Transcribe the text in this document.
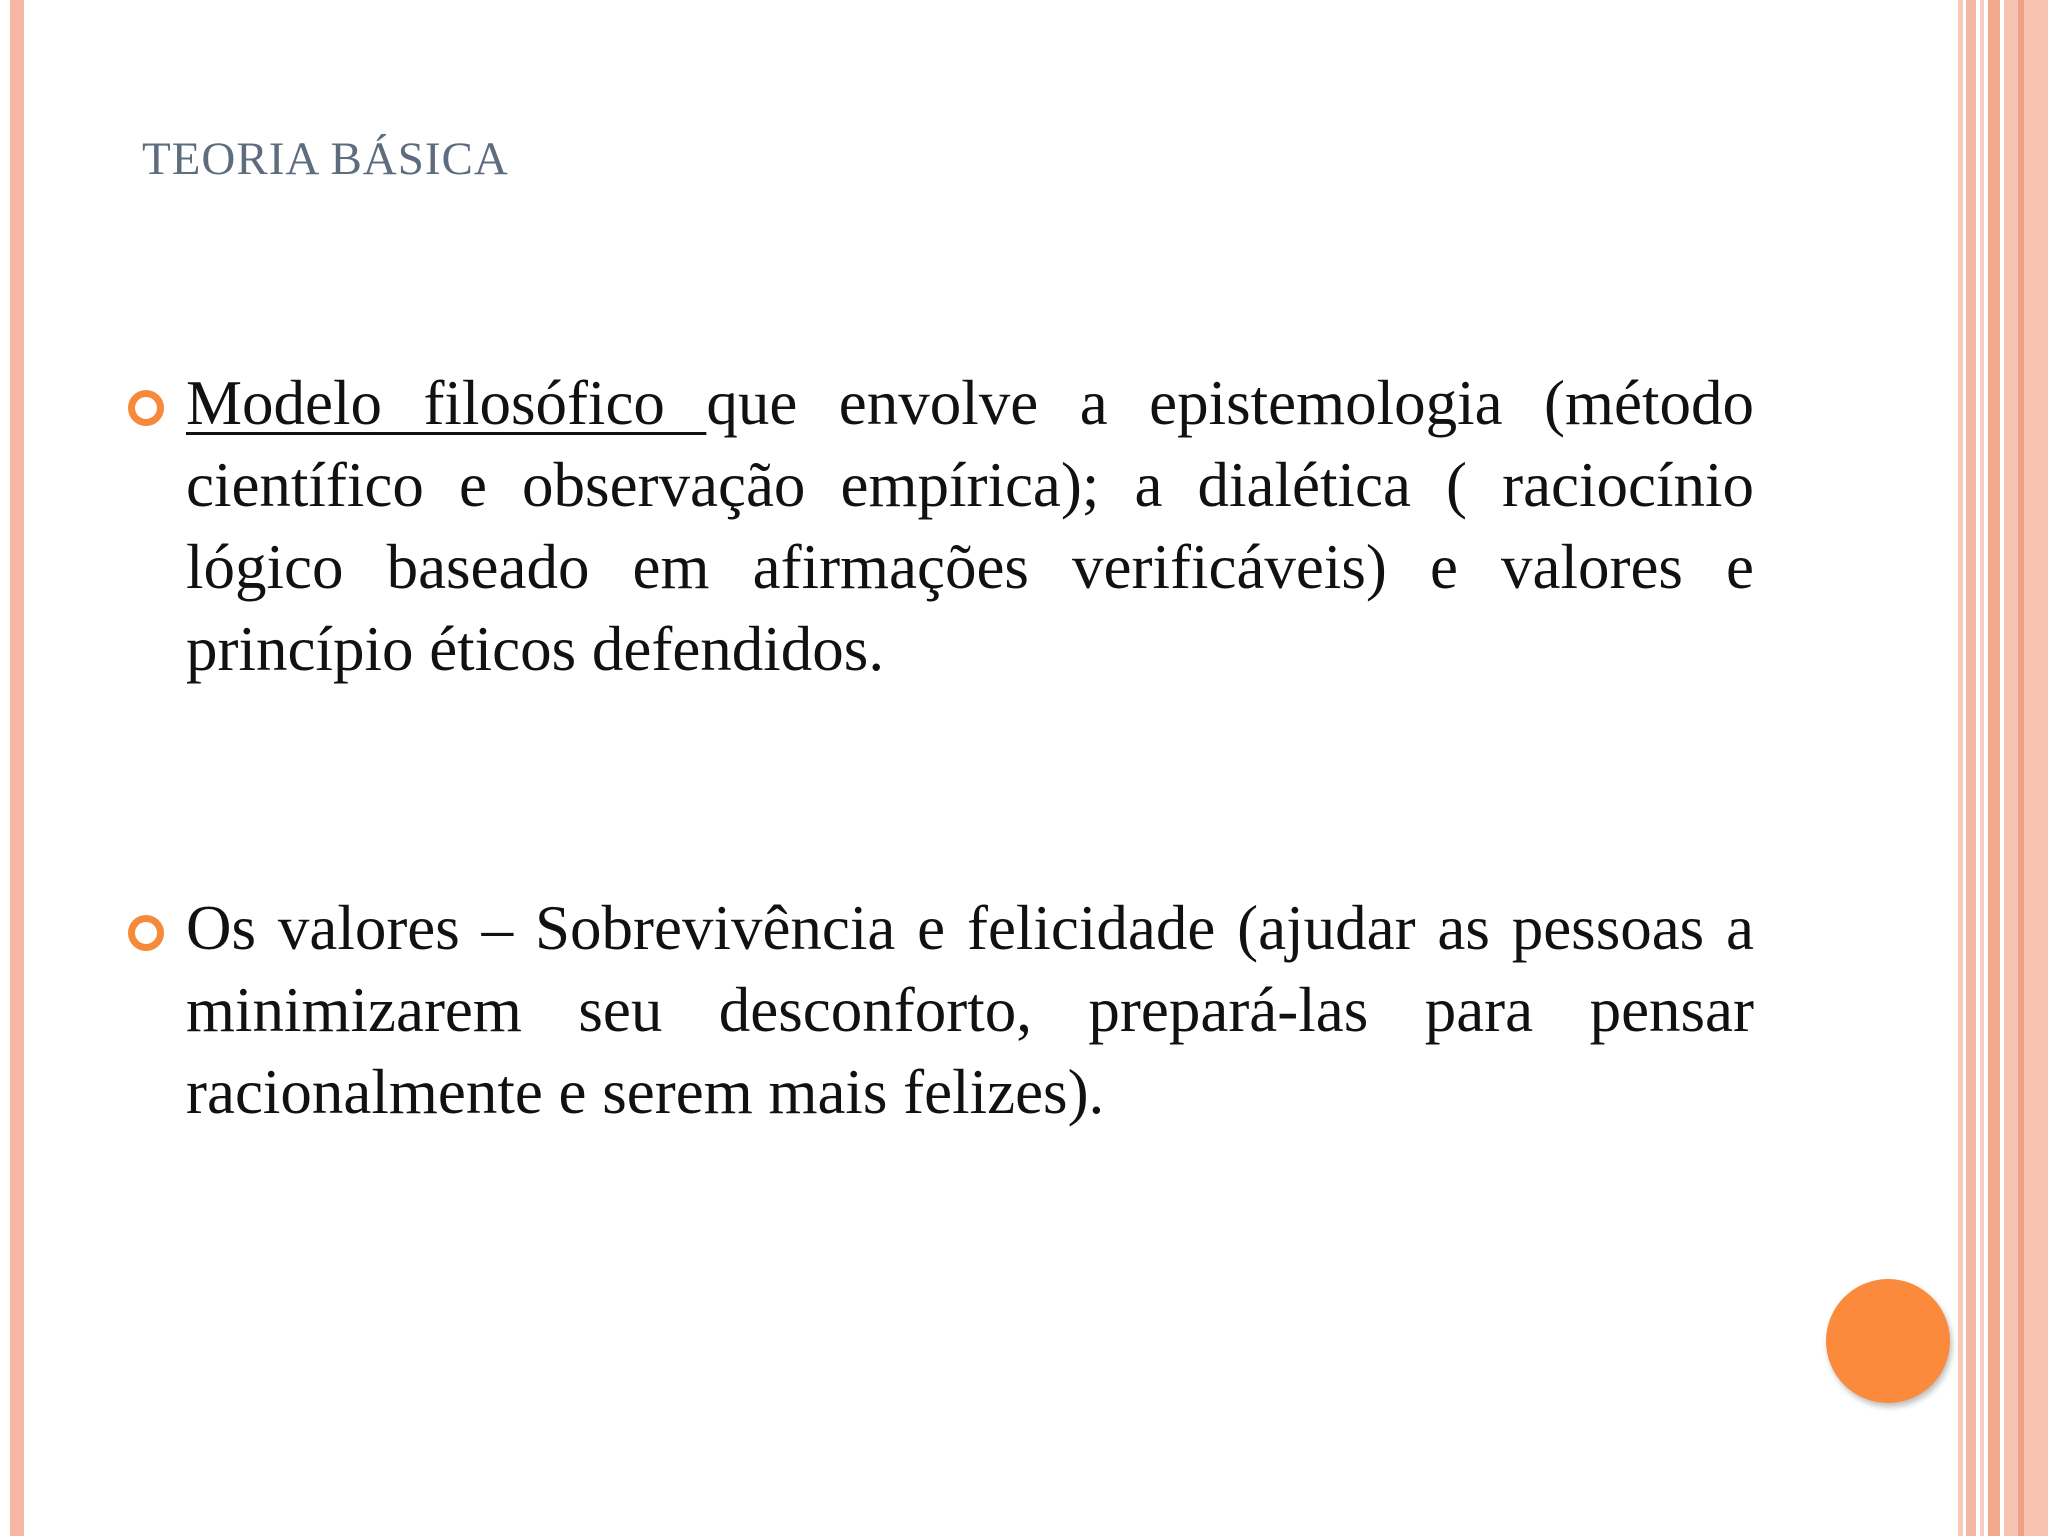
TEORIA BÁSICA
Modelo filosófico que envolve a epistemologia (método científico e observação empírica); a dialética ( raciocínio lógico baseado em afirmações verificáveis) e valores e princípio éticos defendidos.
Os valores – Sobrevivência e felicidade (ajudar as pessoas a minimizarem seu desconforto, prepará-las para pensar racionalmente e serem mais felizes).
